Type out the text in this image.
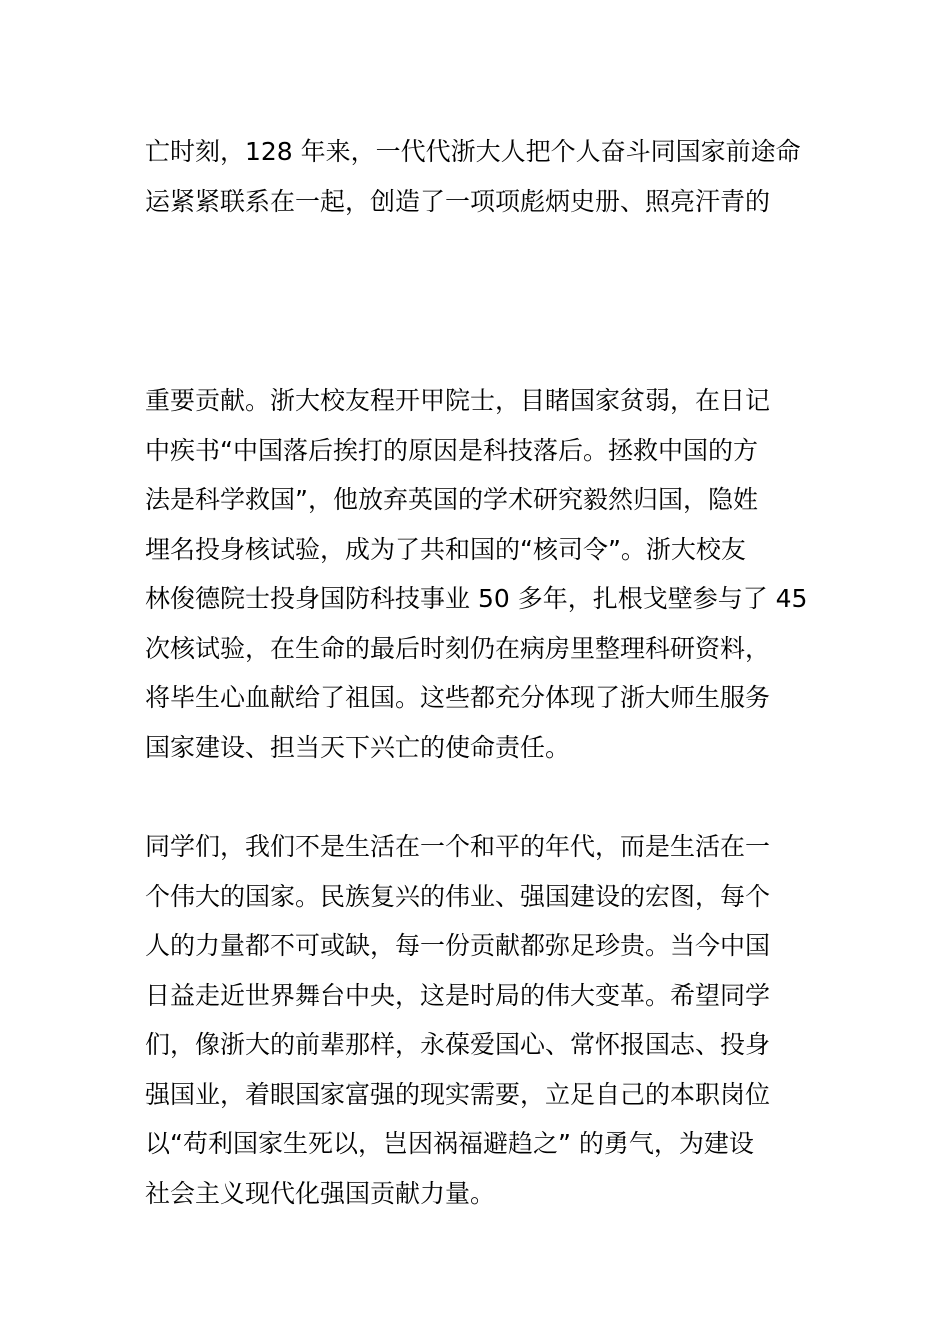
亡时刻，128 年来，一代代浙大人把个人奋斗同国家前途命
运紧紧联系在一起，创造了一项项彪炳史册、照亮汗青的
重要贡献。浙大校友程开甲院士，目睹国家贫弱，在日记
中疾书“中国落后挨打的原因是科技落后。拯救中国的方
法是科学救国”，他放弃英国的学术研究毅然归国，隐姓
埋名投身核试验，成为了共和国的“核司令”。浙大校友
林俊德院士投身国防科技事业 50 多年，扎根戈壁参与了 45
次核试验，在生命的最后时刻仍在病房里整理科研资料，
将毕生心血献给了祖国。这些都充分体现了浙大师生服务
国家建设、担当天下兴亡的使命责任。
同学们，我们不是生活在一个和平的年代，而是生活在一
个伟大的国家。民族复兴的伟业、强国建设的宏图，每个
人的力量都不可或缺，每一份贡献都弥足珍贵。当今中国
日益走近世界舞台中央，这是时局的伟大变革。希望同学
们，像浙大的前辈那样，永葆爱国心、常怀报国志、投身
强国业，着眼国家富强的现实需要，立足自己的本职岗位
以“苟利国家生死以，岂因祸福避趋之” 的勇气，为建设
社会主义现代化强国贡献力量。
